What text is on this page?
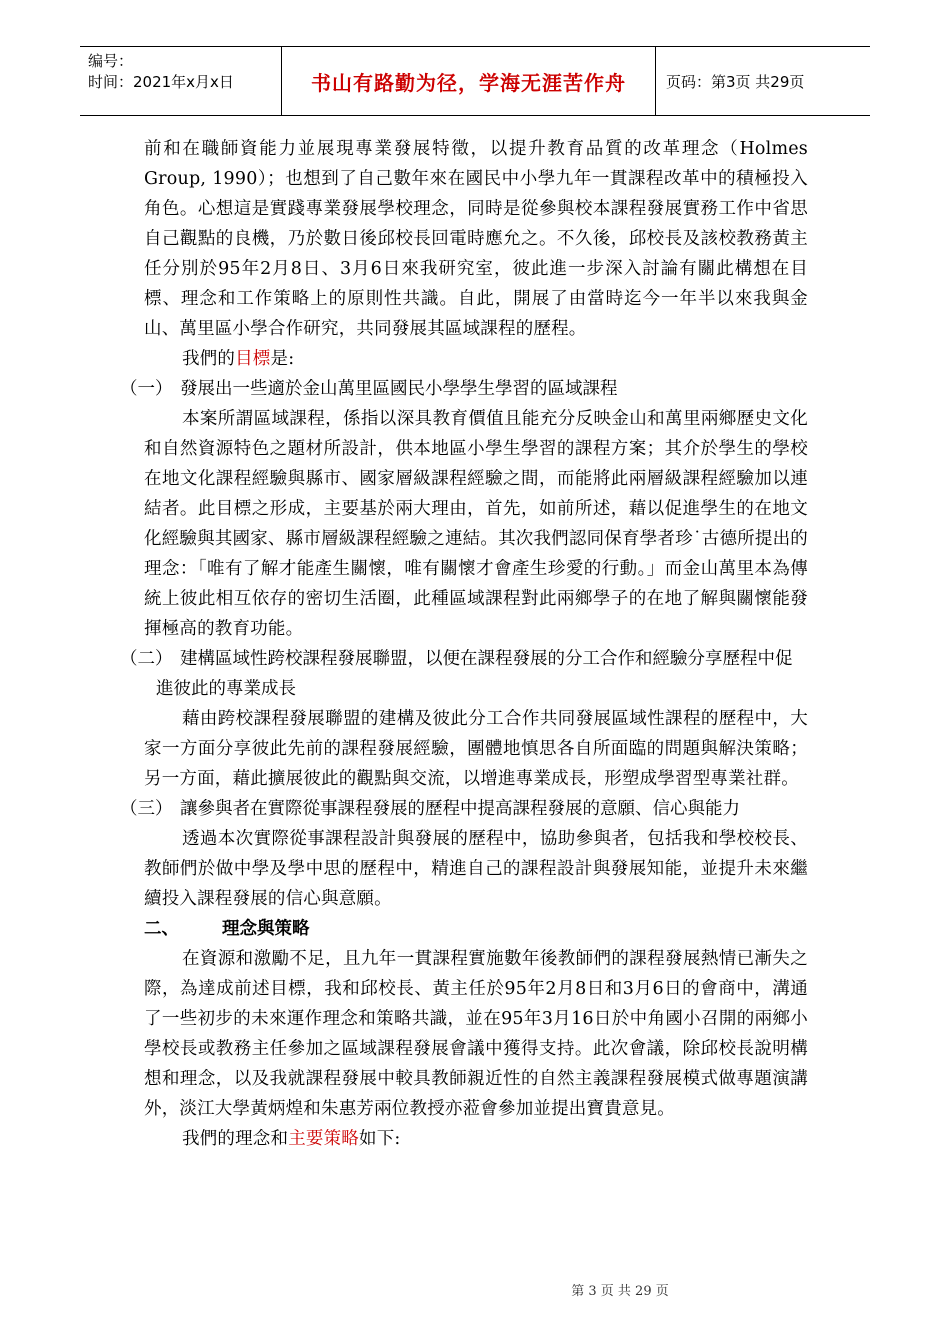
编号：
时间：2021年x月x日	书山有路勤为径，学海无涯苦作舟	页码：第3页 共29页

前和在職師資能力並展現專業發展特徵，以提升教育品質的改革理念（Holmes Group, 1990）；也想到了自己數年來在國民中小學九年一貫課程改革中的積極投入角色。心想這是實踐專業發展學校理念，同時是從參與校本課程發展實務工作中省思自己觀點的良機，乃於數日後邱校長回電時應允之。不久後，邱校長及該校教務黃主任分別於95年2月8日、3月6日來我研究室，彼此進一步深入討論有關此構想在目標、理念和工作策略上的原則性共識。自此，開展了由當時迄今一年半以來我與金山、萬里區小學合作研究，共同發展其區域課程的歷程。

我們的目標是:

（一） 發展出一些適於金山萬里區國民小學學生學習的區域課程

本案所謂區域課程，係指以深具教育價值且能充分反映金山和萬里兩鄉歷史文化和自然資源特色之題材所設計，供本地區小學生學習的課程方案；其介於學生的學校在地文化課程經驗與縣市、國家層級課程經驗之間，而能將此兩層級課程經驗加以連結者。此目標之形成，主要基於兩大理由，首先，如前所述，藉以促進學生的在地文化經驗與其國家、縣市層級課程經驗之連結。其次我們認同保育學者珍˙古德所提出的理念：「唯有了解才能產生關懷，唯有關懷才會產生珍愛的行動。」而金山萬里本為傳統上彼此相互依存的密切生活圈，此種區域課程對此兩鄉學子的在地了解與關懷能發揮極高的教育功能。

（二） 建構區域性跨校課程發展聯盟，以便在課程發展的分工合作和經驗分享歷程中促進彼此的專業成長

藉由跨校課程發展聯盟的建構及彼此分工合作共同發展區域性課程的歷程中，大家一方面分享彼此先前的課程發展經驗，團體地慎思各自所面臨的問題與解決策略；另一方面，藉此擴展彼此的觀點與交流，以增進專業成長，形塑成學習型專業社群。

（三） 讓參與者在實際從事課程發展的歷程中提高課程發展的意願、信心與能力

透過本次實際從事課程設計與發展的歷程中，協助參與者，包括我和學校校長、教師們於做中學及學中思的歷程中，精進自己的課程設計與發展知能，並提升未來繼續投入課程發展的信心與意願。

二、 理念與策略

在資源和激勵不足，且九年一貫課程實施數年後教師們的課程發展熱情已漸失之際，為達成前述目標，我和邱校長、黃主任於95年2月8日和3月6日的會商中，溝通了一些初步的未來運作理念和策略共識，並在95年3月16日於中角國小召開的兩鄉小學校長或教務主任參加之區域課程發展會議中獲得支持。此次會議，除邱校長說明構想和理念，以及我就課程發展中較具教師親近性的自然主義課程發展模式做專題演講外，淡江大學黃炳煌和朱惠芳兩位教授亦蒞會參加並提出寶貴意見。

我們的理念和主要策略如下:

第 3 页 共 29 页
